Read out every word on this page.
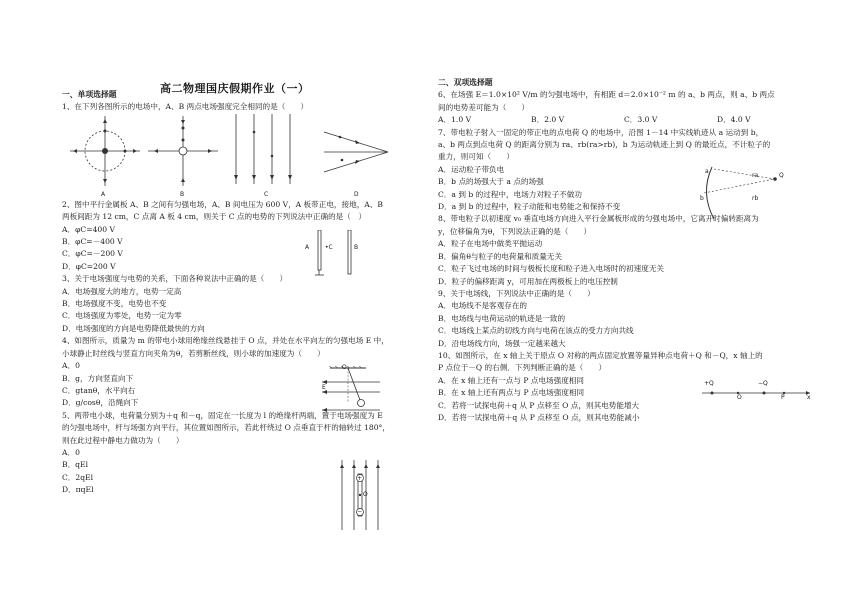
高二物理国庆假期作业（一）
一、单项选择题

1、在下列各图所示的电场中，A、B 两点电场强度完全相同的是（　　）

2、图中平行金属板 A、B 之间有匀强电场，A、B 间电压为 600 V，A 板带正电，接地，A、B

两板间距为 12 cm，C 点离 A 板 4 cm，则关于 C 点的电势的下列说法中正确的是（　）

A．φC=400 V

B．φC=－400 V

C．φC=－200 V

D．φC=200 V

3、关于电场强度与电势的关系，下面各种说法中正确的是（　　）

A．电场强度大的地方，电势一定高

B．电场强度不变，电势也不变

C．电场强度为零处，电势一定为零

D．电场强度的方向是电势降低最快的方向

4、如图所示，质量为 m 的带电小球用绝缘丝线悬挂于 O 点，并处在水平向左的匀强电场 E 中，

小球静止时丝线与竖直方向夹角为θ，若剪断丝线，则小球的加速度为（　　）

A．0

B．g，方向竖直向下

C．gtanθ，水平向右

D．g/cosθ，沿绳向下

5、两带电小球，电荷量分别为＋q 和－q，固定在一长度为 l 的绝缘杆两端，置于电场强度为 E

的匀强电场中，杆与场强方向平行，其位置如图所示，若此杆绕过 O 点垂直于杆的轴转过 180°，

则在此过程中静电力做功为（　　）

A．0

B．qEl

C．2qEl

D．πqEl

A	B	C	D
A	•C	B
O
E
+
−
O
二、双项选择题

6、在场强 E＝1.0×10² V/m 的匀强电场中，有相距 d＝2.0×10⁻² m 的 a、b 两点，则 a、b 两点

间的电势差可能为（　　）

A．1.0 V	B．2.0 V	C．3.0 V	D．4.0 V

7、带电粒子射入一固定的带正电的点电荷 Q 的电场中，沿图 1－14 中实线轨迹从 a 运动到 b，

a、b 两点到点电荷 Q 的距离分别为 ra、rb(ra>rb)，b 为运动轨迹上到 Q 的最近点，不计粒子的

重力，则可知（　　）

A．运动粒子带负电

B．b 点的场强大于 a 点的场强

C．a 到 b 的过程中，电场力对粒子不做功

D．a 到 b 的过程中，粒子动能和电势能之和保持不变

8、带电粒子以初速度 v₀ 垂直电场方向进入平行金属板形成的匀强电场中，它离开时偏转距离为

y，位移偏角为θ，下列说法正确的是（　　）

A．粒子在电场中做类平抛运动

B．偏角θ与粒子的电荷量和质量无关

C．粒子飞过电场的时间与极板长度和粒子进入电场时的初速度无关

D．粒子的偏移距离 y，可用加在两极板上的电压控制

9、关于电场线，下列说法中正确的是（　　）

A．电场线不是客观存在的

B．电场线与电荷运动的轨迹是一致的

C．电场线上某点的切线方向与电荷在该点的受力方向共线

D．沿电场线方向，场强一定越来越大

10、如图所示，在 x 轴上关于原点 O 对称的两点固定放置等量异种点电荷＋Q 和－Q，x 轴上的

P 点位于－Q 的右侧．下列判断正确的是（　　）

A．在 x 轴上还有一点与 P 点电场强度相同

B．在 x 轴上还有两点与 P 点电场强度相同

C．若将一试探电荷＋q 从 P 点移至 O 点，则其电势能增大

D．若将一试探电荷＋q 从 P 点移至 O 点，则其电势能减小

a
b
Q
ra
rb
+Q	−Q
O	P	x
